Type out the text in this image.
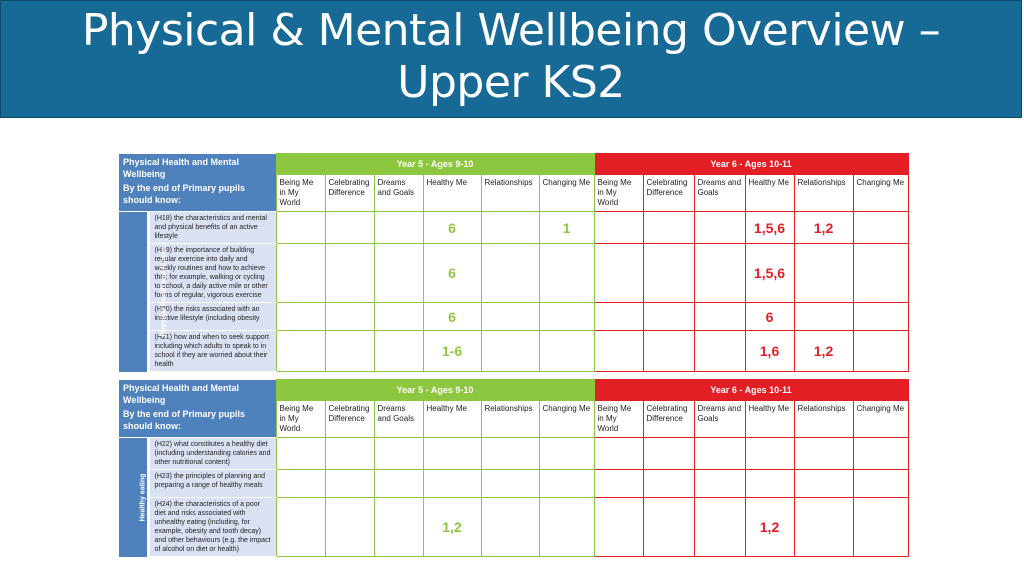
Physical & Mental Wellbeing Overview –
Upper KS2
Physical Health and Mental Wellbeing
By the end of Primary pupils should know:		Year 5 - Ages 9-10						Year 6 - Ages 10-11					
		Being Me in My World	Celebrating Difference	Dreams and Goals	Healthy Me	Relationships	Changing Me	Being Me in My World	Celebrating Difference	Dreams and Goals	Healthy Me	Relationships	Changing Me
Physical health and fitness	(H18) the characteristics and mental and physical benefits of an active lifestyle				6		1				1,5,6	1,2	
	(H19) the importance of building regular exercise into daily and weekly routines and how to achieve this; for example, walking or cycling to school, a daily active mile or other forms of regular, vigorous exercise				6						1,5,6		
	(H20) the risks associated with an inactive lifestyle (including obesity				6						6		
	(H21) how and when to seek support including which adults to speak to in school if they are worried about their health				1-6						1,6	1,2	
Physical Health and Mental Wellbeing
By the end of Primary pupils should know:		Year 5 - Ages 9-10						Year 6 - Ages 10-11					
		Being Me in My World	Celebrating Difference	Dreams and Goals	Healthy Me	Relationships	Changing Me	Being Me in My World	Celebrating Difference	Dreams and Goals	Healthy Me	Relationships	Changing Me
Healthy eating	(H22) what constitutes a healthy diet (including understanding calories and other nutritional content)												
	(H23) the principles of planning and preparing a range of healthy meals												
	(H24) the characteristics of a poor diet and risks associated with unhealthy eating (including, for example, obesity and tooth decay) and other behaviours (e.g. the impact of alcohol on diet or health)				1,2						1,2		
